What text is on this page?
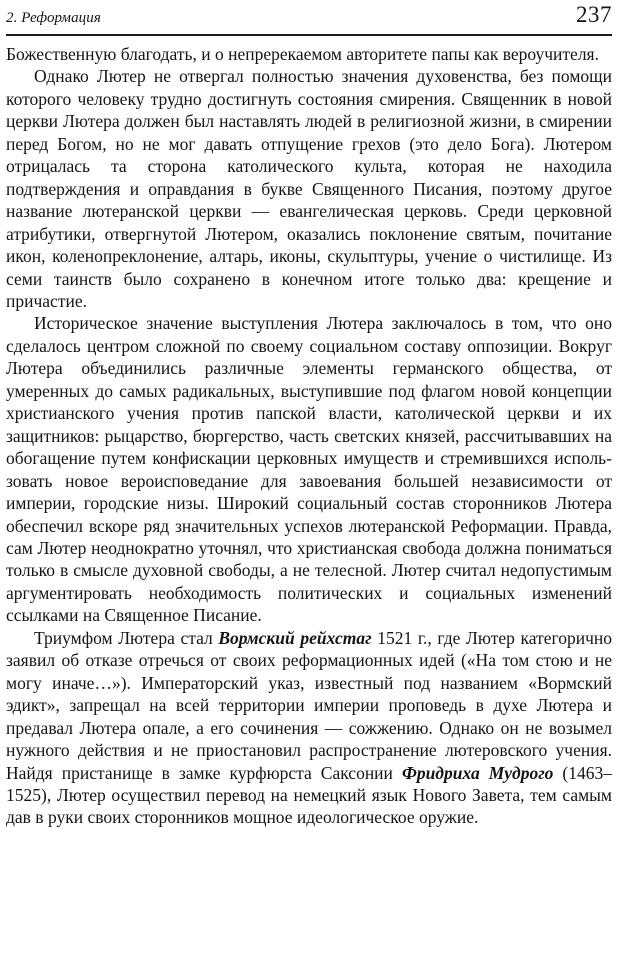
2. Реформация	237

Божественную благодать, и о непререкаемом авторитете папы как вероучителя.

Однако Лютер не отвергал полностью значения духовенства, без помощи которого человеку трудно достигнуть состояния смирения. Священник в новой церкви Лютера должен был наставлять людей в религиозной жизни, в смирении перед Богом, но не мог давать отпущение грехов (это дело Бога). Лютером отрицалась та сторона католического культа, которая не находила подтверждения и оправдания в букве Священного Писания, поэтому другое название лютеранской церкви — евангелическая церковь. Среди церковной атрибутики, отвергнутой Лютером, оказались поклонение святым, почитание икон, коленопреклонение, алтарь, иконы, скульптуры, учение о чистилище. Из семи таинств было сохранено в конечном итоге только два: крещение и причастие.

Историческое значение выступления Лютера заключалось в том, что оно сделалось центром сложной по своему социальном составу оппозиции. Вокруг Лютера объединились различные элементы германского общества, от умеренных до самых радикальных, выступившие под флагом новой концепции христианского учения против папской власти, католической церкви и их защитников: рыцарство, бюргерство, часть светских князей, рассчитывавших на обогащение путем конфискации церковных имуществ и стремившихся использовать новое вероисповедание для завоевания большей независимости от империи, городские низы. Широкий социальный состав сторонников Лютера обеспечил вскоре ряд значительных успехов лютеранской Реформации. Правда, сам Лютер неоднократно уточнял, что христианская свобода должна пониматься только в смысле духовной свободы, а не телесной. Лютер считал недопустимым аргументировать необходимость политических и социальных изменений ссылками на Священное Писание.

Триумфом Лютера стал Вормский рейхстаг 1521 г., где Лютер категорично заявил об отказе отречься от своих реформационных идей («На том стою и не могу иначе…»). Императорский указ, известный под названием «Вормский эдикт», запрещал на всей территории империи проповедь в духе Лютера и предавал Лютера опале, а его сочинения — сожжению. Однако он не возымел нужного действия и не приостановил распространение лютеровского учения. Найдя пристанище в замке курфюрста Саксонии Фридриха Мудрого (1463–1525), Лютер осуществил перевод на немецкий язык Нового Завета, тем самым дав в руки своих сторонников мощное идеологическое оружие.
